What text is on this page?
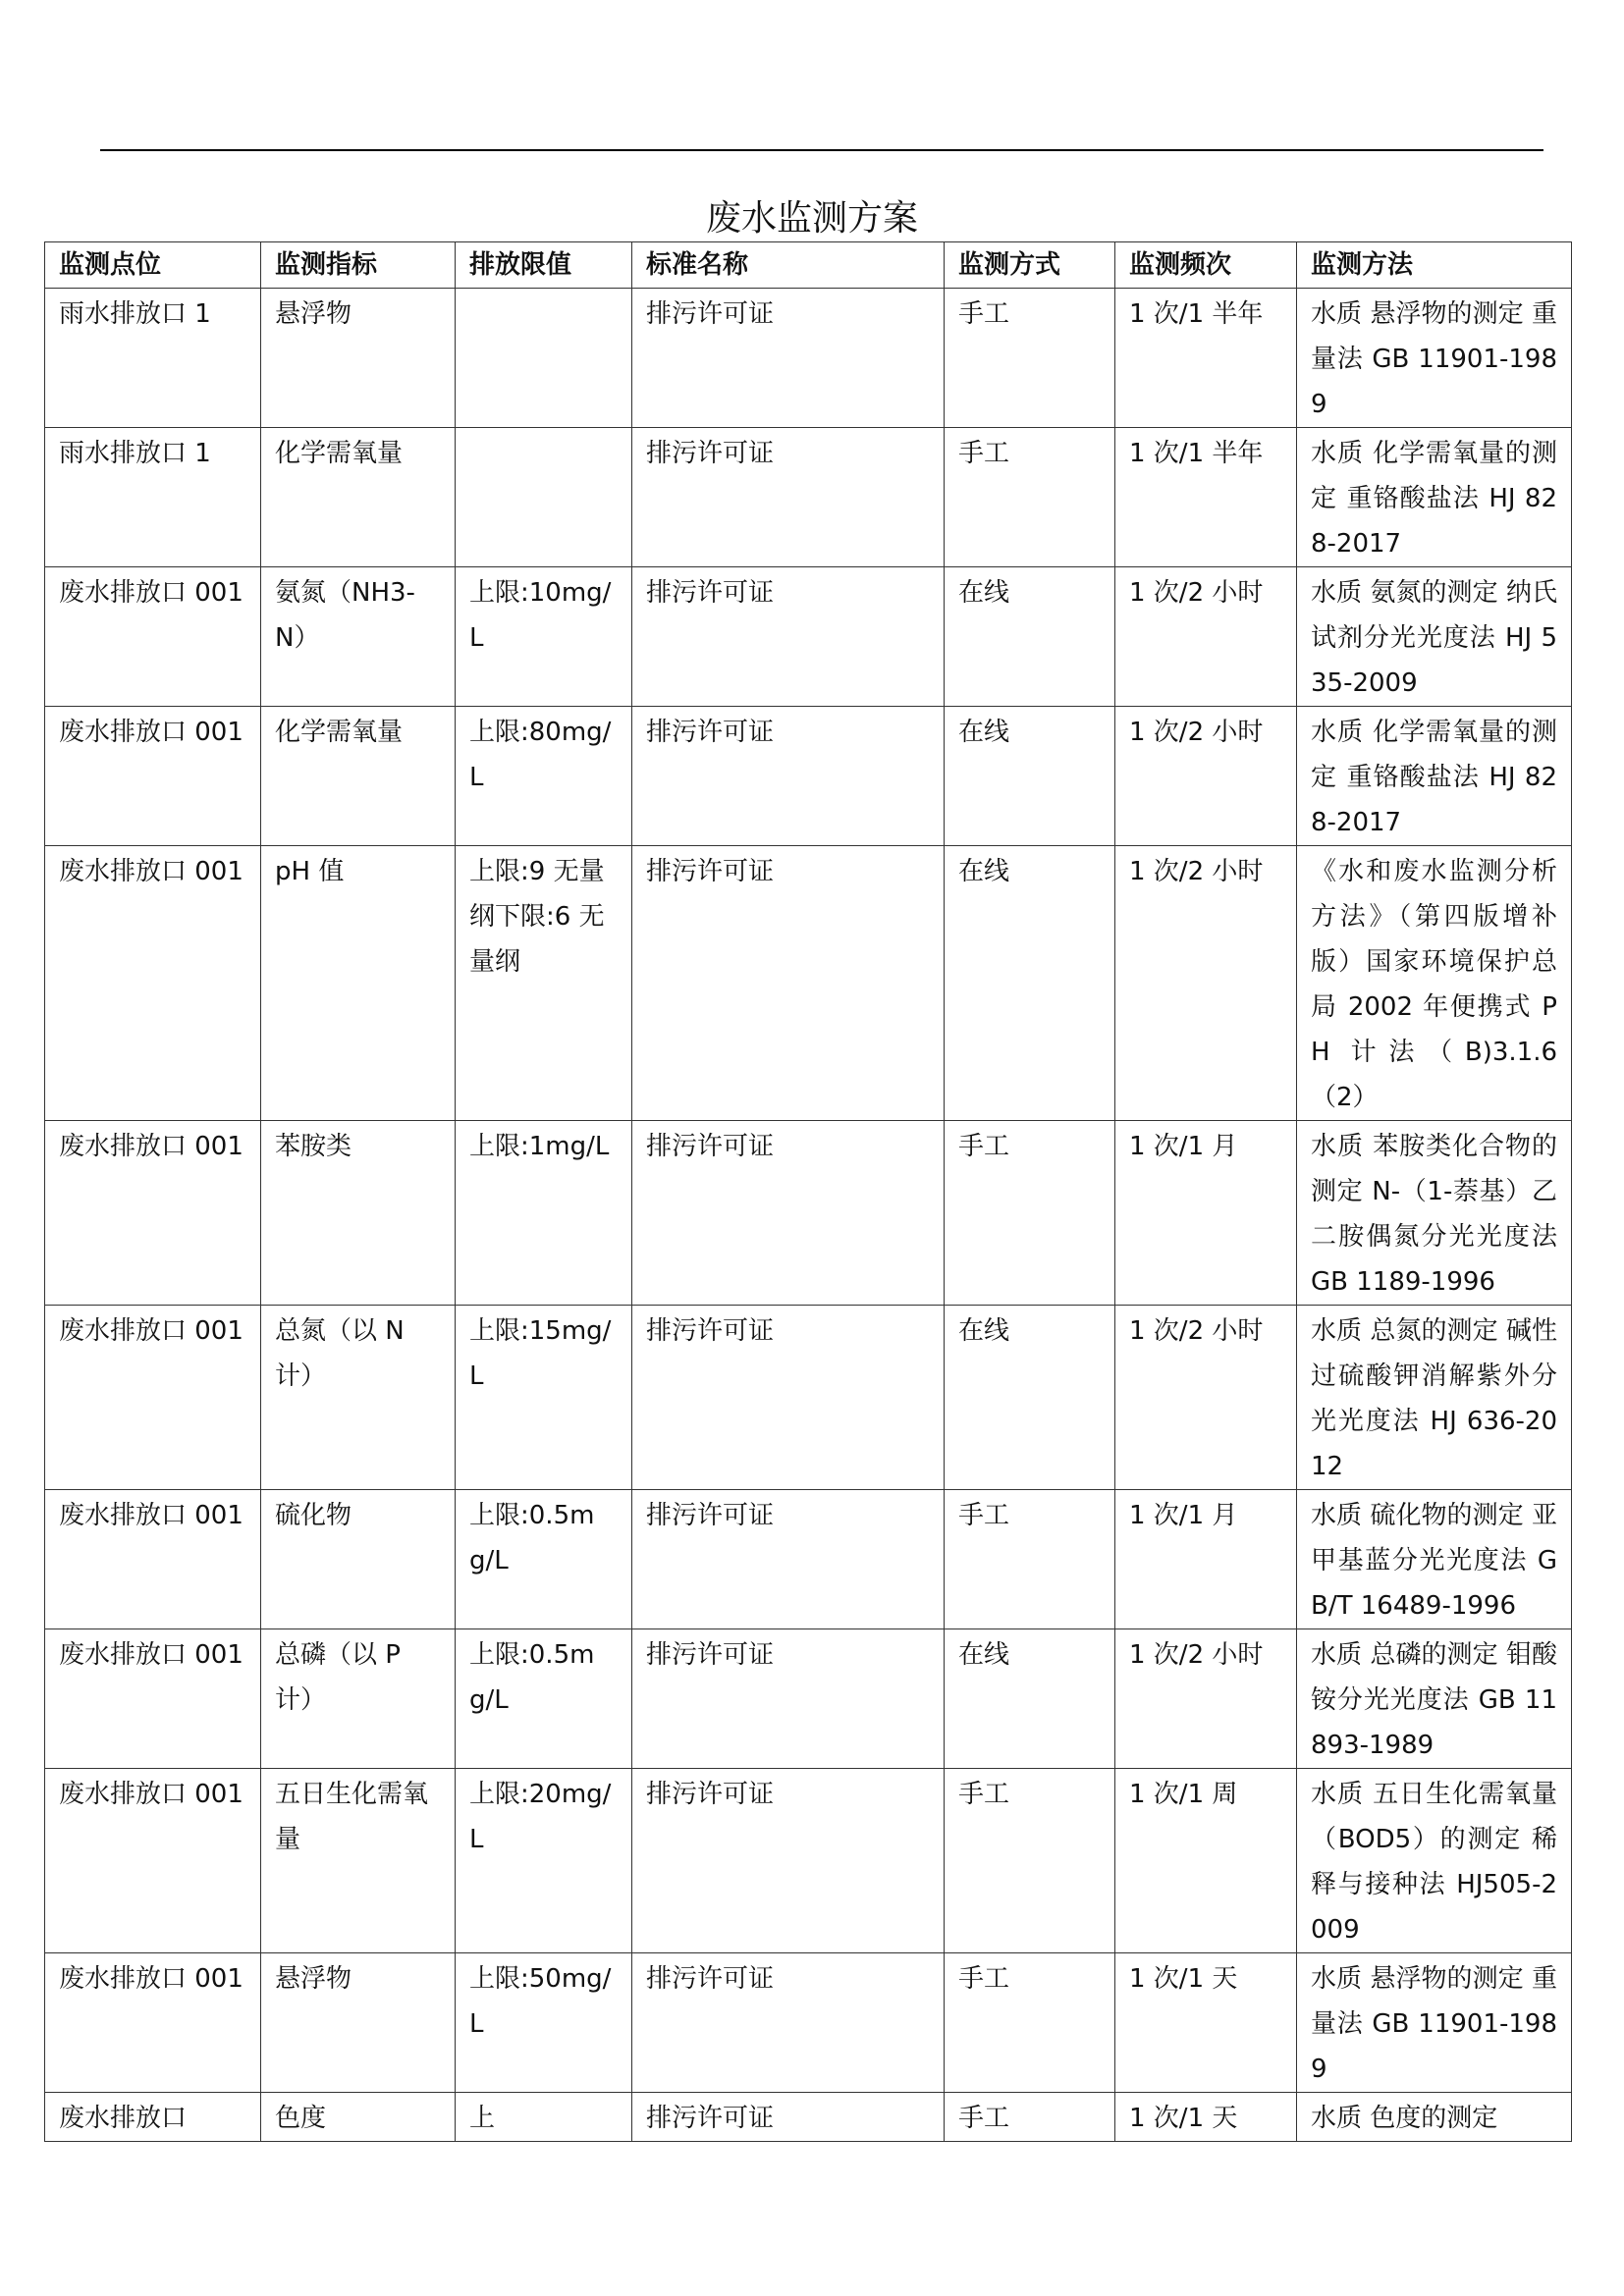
废水监测方案
监测点位	监测指标	排放限值	标准名称	监测方式	监测频次	监测方法
雨水排放口 1	悬浮物		排污许可证	手工	1 次/1 半年	水质 悬浮物的测定 重量法 GB 11901-1989
雨水排放口 1	化学需氧量		排污许可证	手工	1 次/1 半年	水质 化学需氧量的测定 重铬酸盐法 HJ 828-2017
废水排放口 001	氨氮（NH3-N）	上限:10mg/L	排污许可证	在线	1 次/2 小时	水质 氨氮的测定 纳氏试剂分光光度法 HJ 535-2009
废水排放口 001	化学需氧量	上限:80mg/L	排污许可证	在线	1 次/2 小时	水质 化学需氧量的测定 重铬酸盐法 HJ 828-2017
废水排放口 001	pH 值	上限:9 无量纲下限:6 无量纲	排污许可证	在线	1 次/2 小时	《水和废水监测分析方法》（第四版增补版）国家环境保护总局 2002 年便携式 PH 计法（B)3.1.6（2）
废水排放口 001	苯胺类	上限:1mg/L	排污许可证	手工	1 次/1 月	水质 苯胺类化合物的测定 N-（1-萘基）乙二胺偶氮分光光度法 GB 1189-1996
废水排放口 001	总氮（以 N 计）	上限:15mg/L	排污许可证	在线	1 次/2 小时	水质 总氮的测定 碱性过硫酸钾消解紫外分光光度法 HJ 636-2012
废水排放口 001	硫化物	上限:0.5mg/L	排污许可证	手工	1 次/1 月	水质 硫化物的测定 亚甲基蓝分光光度法 GB/T 16489-1996
废水排放口 001	总磷（以 P 计）	上限:0.5mg/L	排污许可证	在线	1 次/2 小时	水质 总磷的测定 钼酸铵分光光度法 GB 11893-1989
废水排放口 001	五日生化需氧量	上限:20mg/L	排污许可证	手工	1 次/1 周	水质 五日生化需氧量（BOD5）的测定 稀释与接种法 HJ505-2009
废水排放口 001	悬浮物	上限:50mg/L	排污许可证	手工	1 次/1 天	水质 悬浮物的测定 重量法 GB 11901-1989
废水排放口	色度	上	排污许可证	手工	1 次/1 天	水质 色度的测定
